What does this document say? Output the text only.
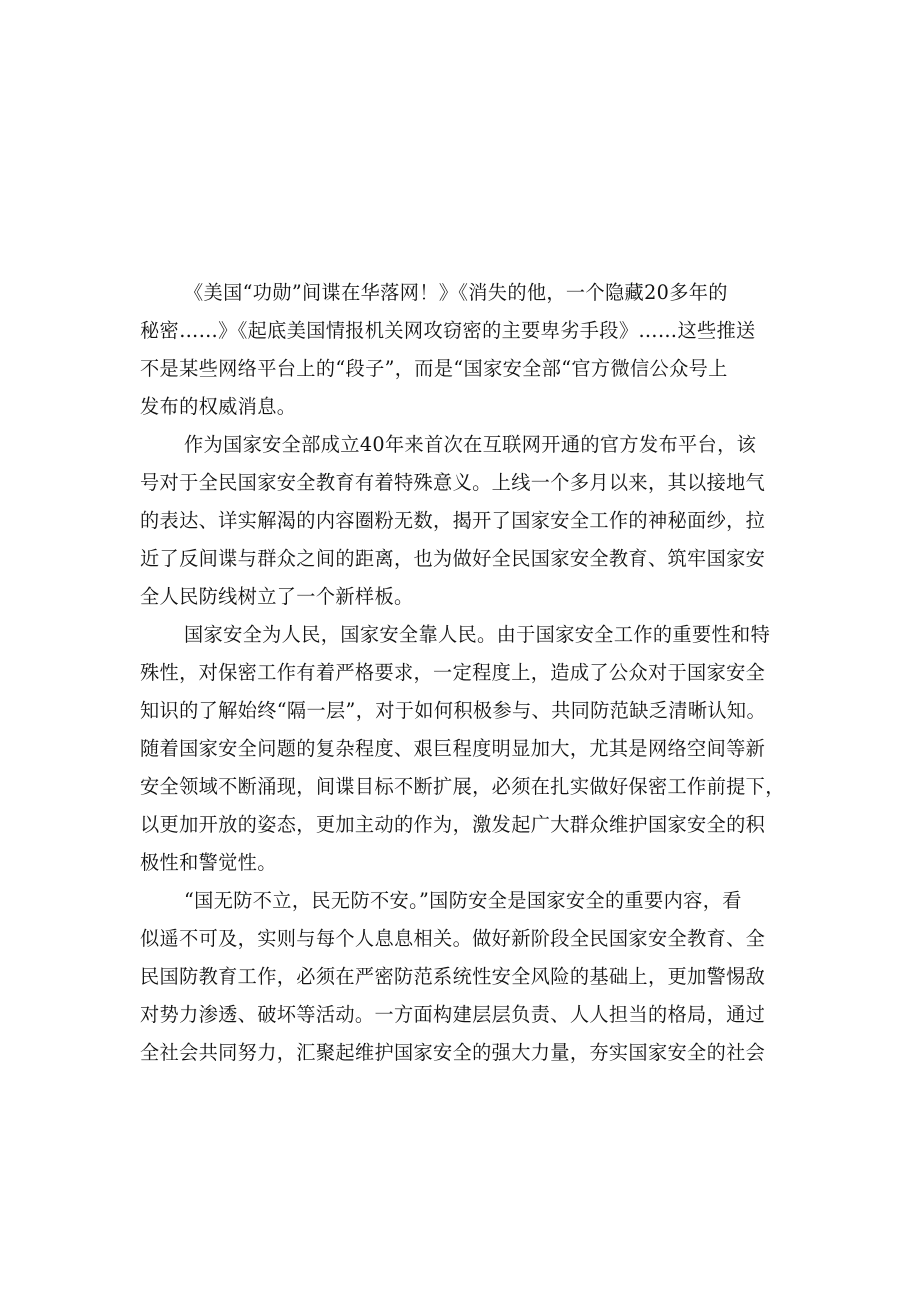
《美国“功勋”间谍在华落网！》《消失的他，一个隐藏20多年的
秘密……》《起底美国情报机关网攻窃密的主要卑劣手段》……这些推送
不是某些网络平台上的“段子”，而是“国家安全部“官方微信公众号上
发布的权威消息。
作为国家安全部成立40年来首次在互联网开通的官方发布平台，该
号对于全民国家安全教育有着特殊意义。上线一个多月以来，其以接地气
的表达、详实解渴的内容圈粉无数，揭开了国家安全工作的神秘面纱，拉
近了反间谍与群众之间的距离，也为做好全民国家安全教育、筑牢国家安
全人民防线树立了一个新样板。
国家安全为人民，国家安全靠人民。由于国家安全工作的重要性和特
殊性，对保密工作有着严格要求，一定程度上，造成了公众对于国家安全
知识的了解始终“隔一层”，对于如何积极参与、共同防范缺乏清晰认知。
随着国家安全问题的复杂程度、艰巨程度明显加大，尤其是网络空间等新
安全领域不断涌现，间谍目标不断扩展，必须在扎实做好保密工作前提下，
以更加开放的姿态，更加主动的作为，激发起广大群众维护国家安全的积
极性和警觉性。
“国无防不立，民无防不安。”国防安全是国家安全的重要内容，看
似遥不可及，实则与每个人息息相关。做好新阶段全民国家安全教育、全
民国防教育工作，必须在严密防范系统性安全风险的基础上，更加警惕敌
对势力渗透、破坏等活动。一方面构建层层负责、人人担当的格局，通过
全社会共同努力，汇聚起维护国家安全的强大力量，夯实国家安全的社会
